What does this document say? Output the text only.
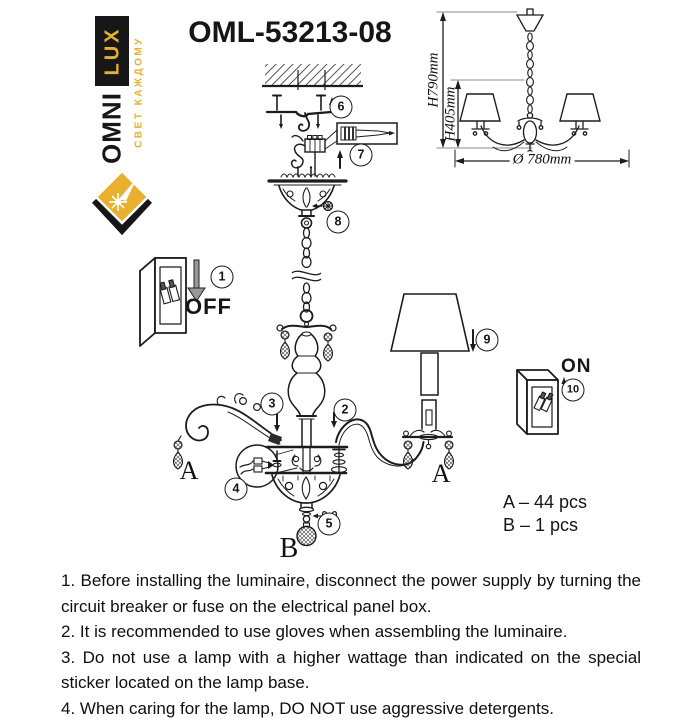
LUX
OMNI СВЕТ КАЖДОМУ
OML-53213-08
H790mm
H405mm
Ø 780mm
OFF
ON
A	A
B
A – 44 pcs
B – 1 pcs
1
2
3
4
5
6
7
8
9
10

1. Before installing the luminaire, disconnect the power supply by turning the circuit breaker or fuse on the electrical panel box.

2. It is recommended to use gloves when assembling the luminaire.

3. Do not use a lamp with a higher wattage than indicated on the special sticker located on the lamp base.

4. When caring for the lamp, DO NOT use aggressive detergents.
